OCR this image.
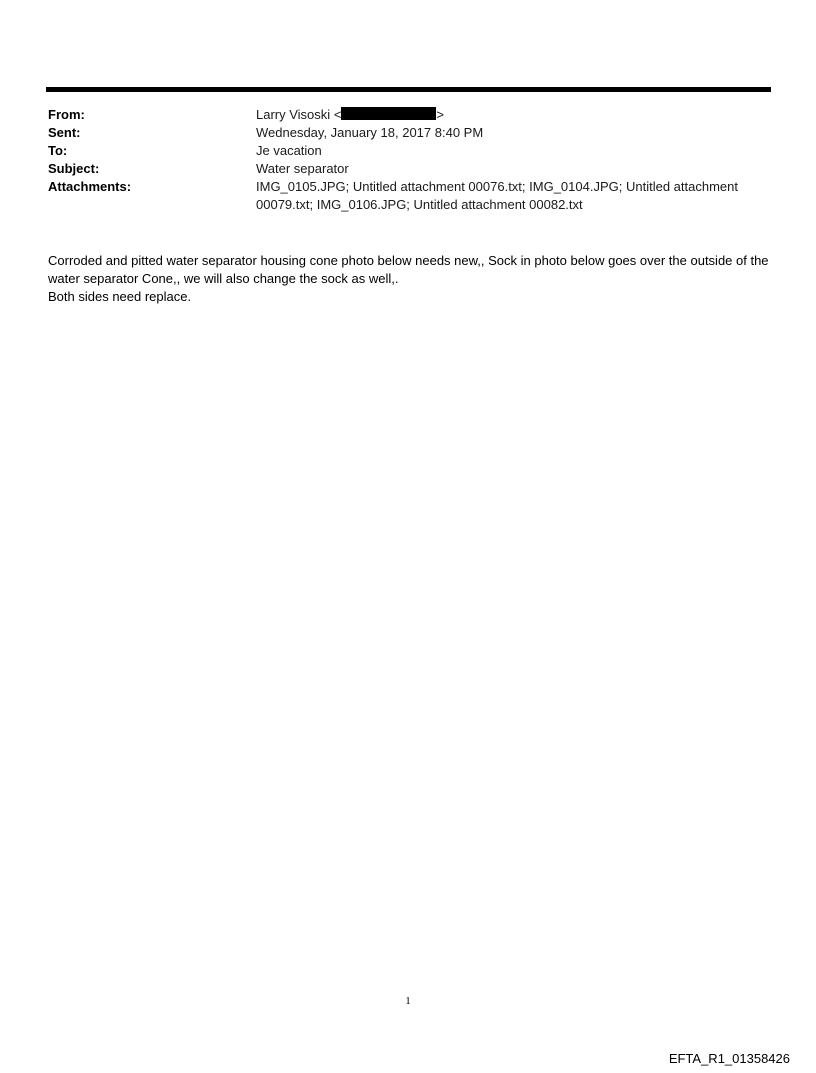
From:	Larry Visoski <	>
Sent:	Wednesday, January 18, 2017 8:40 PM
To:	Je vacation
Subject:	Water separator
Attachments:	IMG_0105.JPG; Untitled attachment 00076.txt; IMG_0104.JPG; Untitled attachment
00079.txt; IMG_0106.JPG; Untitled attachment 00082.txt

Corroded and pitted water separator housing cone photo below needs new,, Sock in photo below goes over the outside of the water separator Cone,, we will also change the sock as well,.

Both sides need replace.

1
EFTA_R1_01358426
